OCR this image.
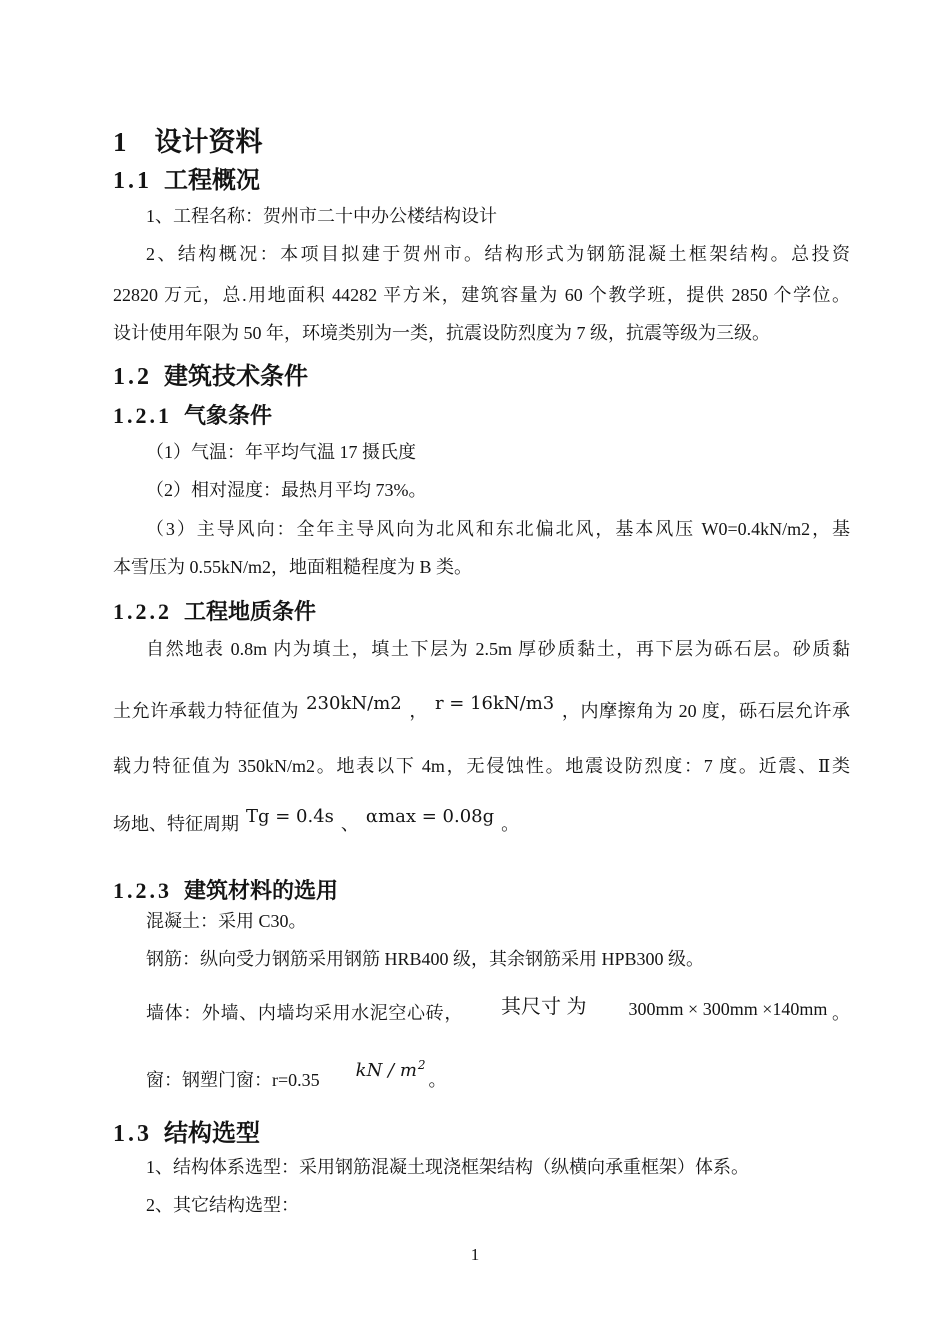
1 设计资料
1.1 工程概况
1、工程名称：贺州市二十中办公楼结构设计
2、结构概况：本项目拟建于贺州市。结构形式为钢筋混凝土框架结构。总投资
22820 万元，总.用地面积 44282 平方米，建筑容量为 60 个教学班，提供 2850 个学位。
设计使用年限为 50 年，环境类别为一类，抗震设防烈度为 7 级，抗震等级为三级。
1.2 建筑技术条件
1.2.1 气象条件
（1）气温：年平均气温 17 摄氏度
（2）相对湿度：最热月平均 73%。
（3）主导风向：全年主导风向为北风和东北偏北风，基本风压 W0=0.4kN/m2，基
本雪压为 0.55kN/m2，地面粗糙程度为 B 类。
1.2.2 工程地质条件
自然地表 0.8m 内为填土，填土下层为 2.5m 厚砂质黏土，再下层为砾石层。砂质黏
土允许承载力特征值为 230kN/m2 ， r = 16kN/m3 ，内摩擦角为 20 度，砾石层允许承
载力特征值为 350kN/m2。地表以下 4m，无侵蚀性。地震设防烈度：7 度。近震、Ⅱ类
场地、特征周期 Tg = 0.4s 、 αmax = 0.08g 。
1.2.3 建筑材料的选用
混凝土：采用 C30。
钢筋：纵向受力钢筋采用钢筋 HRB400 级，其余钢筋采用 HPB300 级。
墙体：外墙、内墙均采用水泥空心砖， 其尺寸 为 300mm × 300mm ×140mm 。
窗：钢塑门窗：r=0.35 kN / $m^2$。
1.3 结构选型
1、结构体系选型：采用钢筋混凝土现浇框架结构（纵横向承重框架）体系。
2、其它结构选型：
1
